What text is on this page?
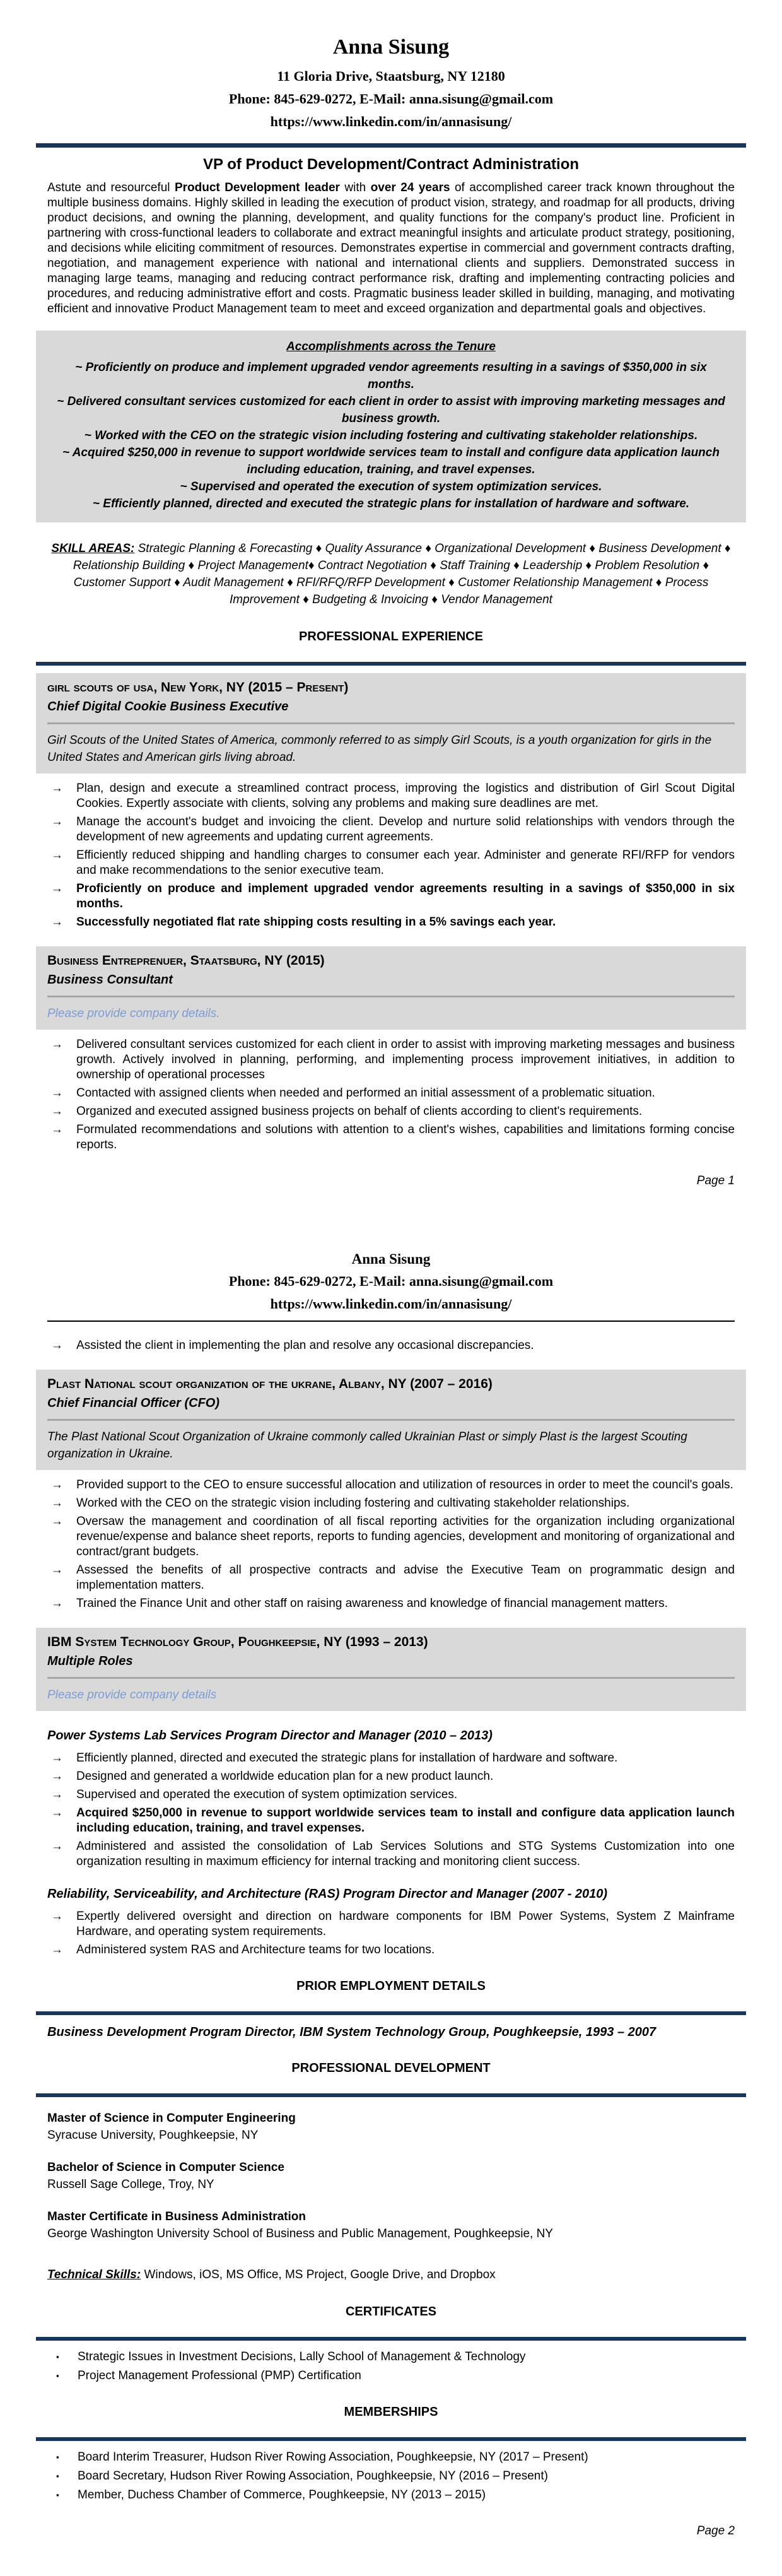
Anna Sisung
11 Gloria Drive, Staatsburg, NY 12180
Phone: 845-629-0272, E-Mail: anna.sisung@gmail.com
https://www.linkedin.com/in/annasisung/
VP of Product Development/Contract Administration

Astute and resourceful Product Development leader with over 24 years of accomplished career track known throughout the multiple business domains. Highly skilled in leading the execution of product vision, strategy, and roadmap for all products, driving product decisions, and owning the planning, development, and quality functions for the company's product line. Proficient in partnering with cross-functional leaders to collaborate and extract meaningful insights and articulate product strategy, positioning, and decisions while eliciting commitment of resources. Demonstrates expertise in commercial and government contracts drafting, negotiation, and management experience with national and international clients and suppliers. Demonstrated success in managing large teams, managing and reducing contract performance risk, drafting and implementing contracting policies and procedures, and reducing administrative effort and costs. Pragmatic business leader skilled in building, managing, and motivating efficient and innovative Product Management team to meet and exceed organization and departmental goals and objectives.

Accomplishments across the Tenure
~ Proficiently on produce and implement upgraded vendor agreements resulting in a savings of $350,000 in six months.
~ Delivered consultant services customized for each client in order to assist with improving marketing messages and business growth.
~ Worked with the CEO on the strategic vision including fostering and cultivating stakeholder relationships.
~ Acquired $250,000 in revenue to support worldwide services team to install and configure data application launch including education, training, and travel expenses.
~ Supervised and operated the execution of system optimization services.
~ Efficiently planned, directed and executed the strategic plans for installation of hardware and software.

SKILL AREAS: Strategic Planning & Forecasting ♦ Quality Assurance ♦ Organizational Development ♦ Business Development ♦ Relationship Building ♦ Project Management♦ Contract Negotiation ♦ Staff Training ♦ Leadership ♦ Problem Resolution ♦ Customer Support ♦ Audit Management ♦ RFI/RFQ/RFP Development ♦ Customer Relationship Management ♦ Process Improvement ♦ Budgeting & Invoicing ♦ Vendor Management

PROFESSIONAL EXPERIENCE
girl scouts of usa, New York, NY (2015 – Present)
Chief Digital Cookie Business Executive
Girl Scouts of the United States of America, commonly referred to as simply Girl Scouts, is a youth organization for girls in the United States and American girls living abroad.
→	Plan, design and execute a streamlined contract process, improving the logistics and distribution of Girl Scout Digital Cookies. Expertly associate with clients, solving any problems and making sure deadlines are met.
→	Manage the account's budget and invoicing the client. Develop and nurture solid relationships with vendors through the development of new agreements and updating current agreements.
→	Efficiently reduced shipping and handling charges to consumer each year. Administer and generate RFI/RFP for vendors and make recommendations to the senior executive team.
→	Proficiently on produce and implement upgraded vendor agreements resulting in a savings of $350,000 in six months.
→	Successfully negotiated flat rate shipping costs resulting in a 5% savings each year.
Business Entreprenuer, Staatsburg, NY (2015)
Business Consultant
Please provide company details.
→	Delivered consultant services customized for each client in order to assist with improving marketing messages and business growth. Actively involved in planning, performing, and implementing process improvement initiatives, in addition to ownership of operational processes
→	Contacted with assigned clients when needed and performed an initial assessment of a problematic situation.
→	Organized and executed assigned business projects on behalf of clients according to client's requirements.
→	Formulated recommendations and solutions with attention to a client's wishes, capabilities and limitations forming concise reports.
Page 1
Anna Sisung
Phone: 845-629-0272, E-Mail: anna.sisung@gmail.com
https://www.linkedin.com/in/annasisung/
→	Assisted the client in implementing the plan and resolve any occasional discrepancies.
Plast National scout organization of the ukrane, Albany, NY (2007 – 2016)
Chief Financial Officer (CFO)
The Plast National Scout Organization of Ukraine commonly called Ukrainian Plast or simply Plast is the largest Scouting organization in Ukraine.
→	Provided support to the CEO to ensure successful allocation and utilization of resources in order to meet the council's goals.
→	Worked with the CEO on the strategic vision including fostering and cultivating stakeholder relationships.
→	Oversaw the management and coordination of all fiscal reporting activities for the organization including organizational revenue/expense and balance sheet reports, reports to funding agencies, development and monitoring of organizational and contract/grant budgets.
→	Assessed the benefits of all prospective contracts and advise the Executive Team on programmatic design and implementation matters.
→	Trained the Finance Unit and other staff on raising awareness and knowledge of financial management matters.
IBM System Technology Group, Poughkeepsie, NY (1993 – 2013)
Multiple Roles
Please provide company details
Power Systems Lab Services Program Director and Manager (2010 – 2013)
→	Efficiently planned, directed and executed the strategic plans for installation of hardware and software.
→	Designed and generated a worldwide education plan for a new product launch.
→	Supervised and operated the execution of system optimization services.
→	Acquired $250,000 in revenue to support worldwide services team to install and configure data application launch including education, training, and travel expenses.
→	Administered and assisted the consolidation of Lab Services Solutions and STG Systems Customization into one organization resulting in maximum efficiency for internal tracking and monitoring client success.
Reliability, Serviceability, and Architecture (RAS) Program Director and Manager (2007 - 2010)
→	Expertly delivered oversight and direction on hardware components for IBM Power Systems, System Z Mainframe Hardware, and operating system requirements.
→	Administered system RAS and Architecture teams for two locations.
PRIOR EMPLOYMENT DETAILS
Business Development Program Director, IBM System Technology Group, Poughkeepsie, 1993 – 2007
PROFESSIONAL DEVELOPMENT
Master of Science in Computer Engineering
Syracuse University, Poughkeepsie, NY
Bachelor of Science in Computer Science
Russell Sage College, Troy, NY
Master Certificate in Business Administration
George Washington University School of Business and Public Management, Poughkeepsie, NY

Technical Skills: Windows, iOS, MS Office, MS Project, Google Drive, and Dropbox

CERTIFICATES
▪	Strategic Issues in Investment Decisions, Lally School of Management & Technology
▪	Project Management Professional (PMP) Certification
MEMBERSHIPS
▪	Board Interim Treasurer, Hudson River Rowing Association, Poughkeepsie, NY (2017 – Present)
▪	Board Secretary, Hudson River Rowing Association, Poughkeepsie, NY (2016 – Present)
▪	Member, Duchess Chamber of Commerce, Poughkeepsie, NY (2013 – 2015)
Page 2
